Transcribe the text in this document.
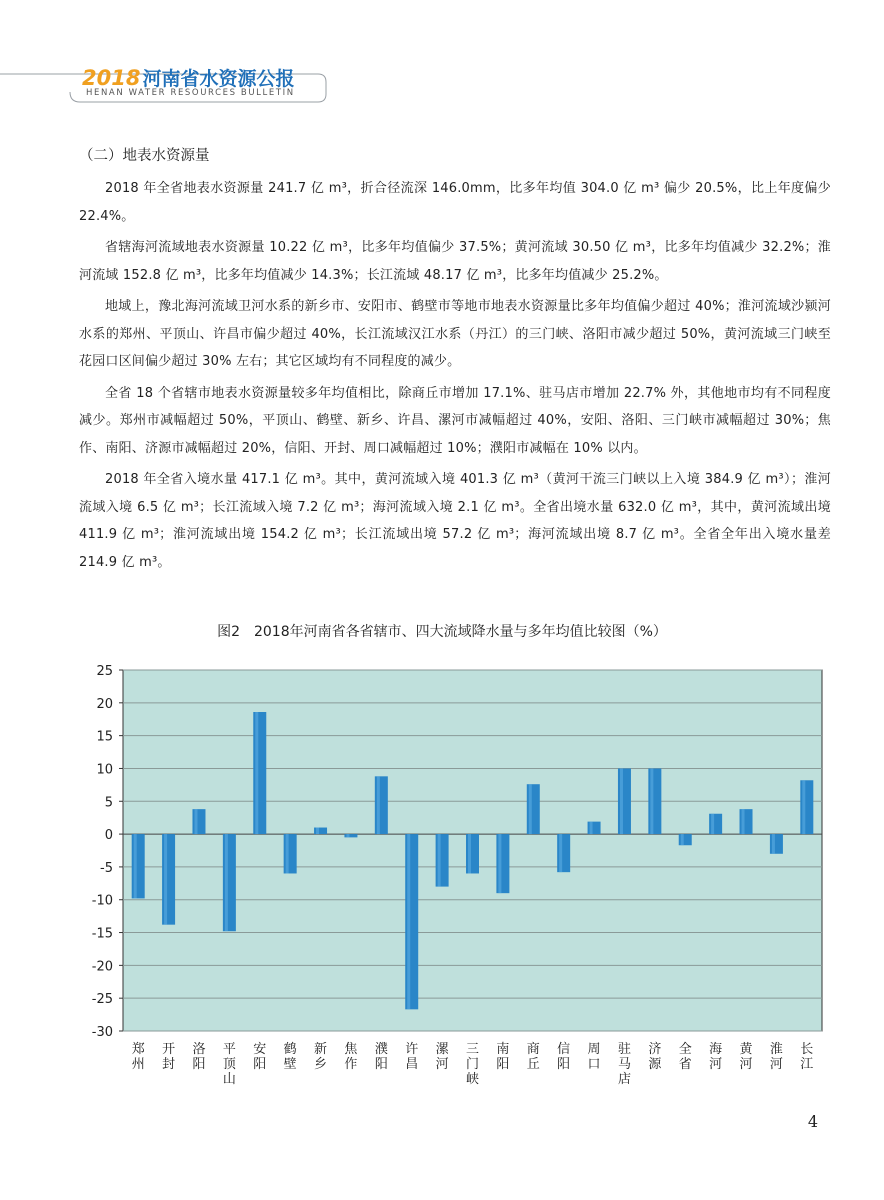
2018 河南省水资源公报
HENAN WATER RESOURCES BULLETIN
（二）地表水资源量

2018 年全省地表水资源量 241.7 亿 m³，折合径流深 146.0mm，比多年均值 304.0 亿 m³ 偏少 20.5%，比上年度偏少 22.4%。

省辖海河流域地表水资源量 10.22 亿 m³，比多年均值偏少 37.5%；黄河流域 30.50 亿 m³，比多年均值减少 32.2%；淮河流域 152.8 亿 m³，比多年均值减少 14.3%；长江流域 48.17 亿 m³，比多年均值减少 25.2%。

地域上，豫北海河流域卫河水系的新乡市、安阳市、鹤壁市等地市地表水资源量比多年均值偏少超过 40%；淮河流域沙颍河水系的郑州、平顶山、许昌市偏少超过 40%，长江流域汉江水系（丹江）的三门峡、洛阳市减少超过 50%，黄河流域三门峡至花园口区间偏少超过 30% 左右；其它区域均有不同程度的减少。

全省 18 个省辖市地表水资源量较多年均值相比，除商丘市增加 17.1%、驻马店市增加 22.7% 外，其他地市均有不同程度减少。郑州市减幅超过 50%，平顶山、鹤壁、新乡、许昌、漯河市减幅超过 40%，安阳、洛阳、三门峡市减幅超过 30%；焦作、南阳、济源市减幅超过 20%，信阳、开封、周口减幅超过 10%；濮阳市减幅在 10% 以内。

2018 年全省入境水量 417.1 亿 m³。其中，黄河流域入境 401.3 亿 m³（黄河干流三门峡以上入境 384.9 亿 m³）；淮河流域入境 6.5 亿 m³；长江流域入境 7.2 亿 m³；海河流域入境 2.1 亿 m³。全省出境水量 632.0 亿 m³，其中，黄河流域出境 411.9 亿 m³；淮河流域出境 154.2 亿 m³；长江流域出境 57.2 亿 m³；海河流域出境 8.7 亿 m³。全省全年出入境水量差 214.9 亿 m³。

图2　2018年河南省各省辖市、四大流域降水量与多年均值比较图（%）
25
20
15
10
5
0
-5
-10
-15
-20
-25
-30
郑州
开封
洛阳
平顶山
安阳
鹤壁
新乡
焦作
濮阳
许昌
漯河
三门峡
南阳
商丘
信阳
周口
驻马店
济源
全省
海河
黄河
淮河
长江
4
